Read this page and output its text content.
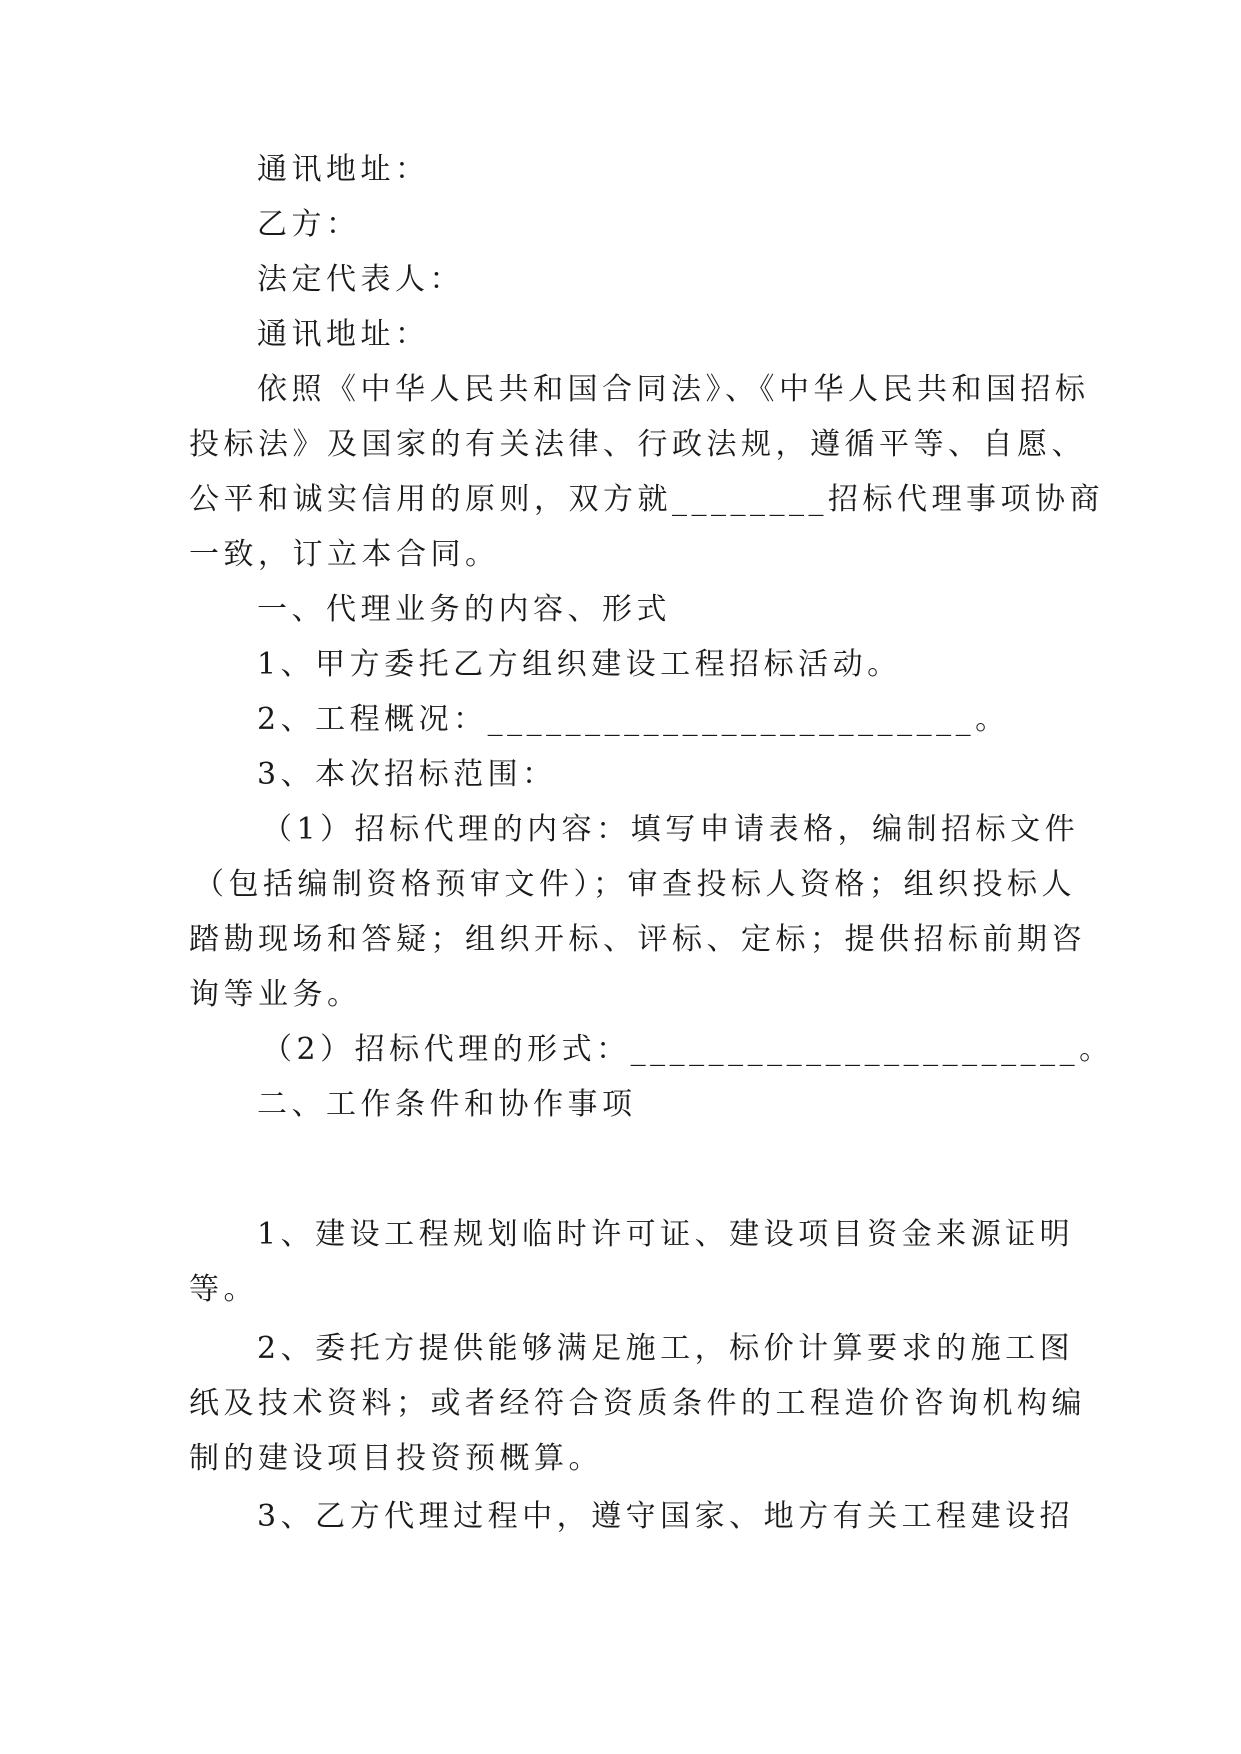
通讯地址：

乙方：

法定代表人：

通讯地址：

依照《中华人民共和国合同法》、《中华人民共和国招标

投标法》及国家的有关法律、行政法规，遵循平等、自愿、

公平和诚实信用的原则，双方就________招标代理事项协商

一致，订立本合同。

一、代理业务的内容、形式

1、甲方委托乙方组织建设工程招标活动。

2、工程概况：_________________________。

3、本次招标范围：

（1）招标代理的内容：填写申请表格，编制招标文件

（包括编制资格预审文件）；审查投标人资格；组织投标人

踏勘现场和答疑；组织开标、评标、定标；提供招标前期咨

询等业务。

（2）招标代理的形式：_______________________。

二、工作条件和协作事项

1、建设工程规划临时许可证、建设项目资金来源证明

等。

2、委托方提供能够满足施工，标价计算要求的施工图

纸及技术资料；或者经符合资质条件的工程造价咨询机构编

制的建设项目投资预概算。

3、乙方代理过程中，遵守国家、地方有关工程建设招
